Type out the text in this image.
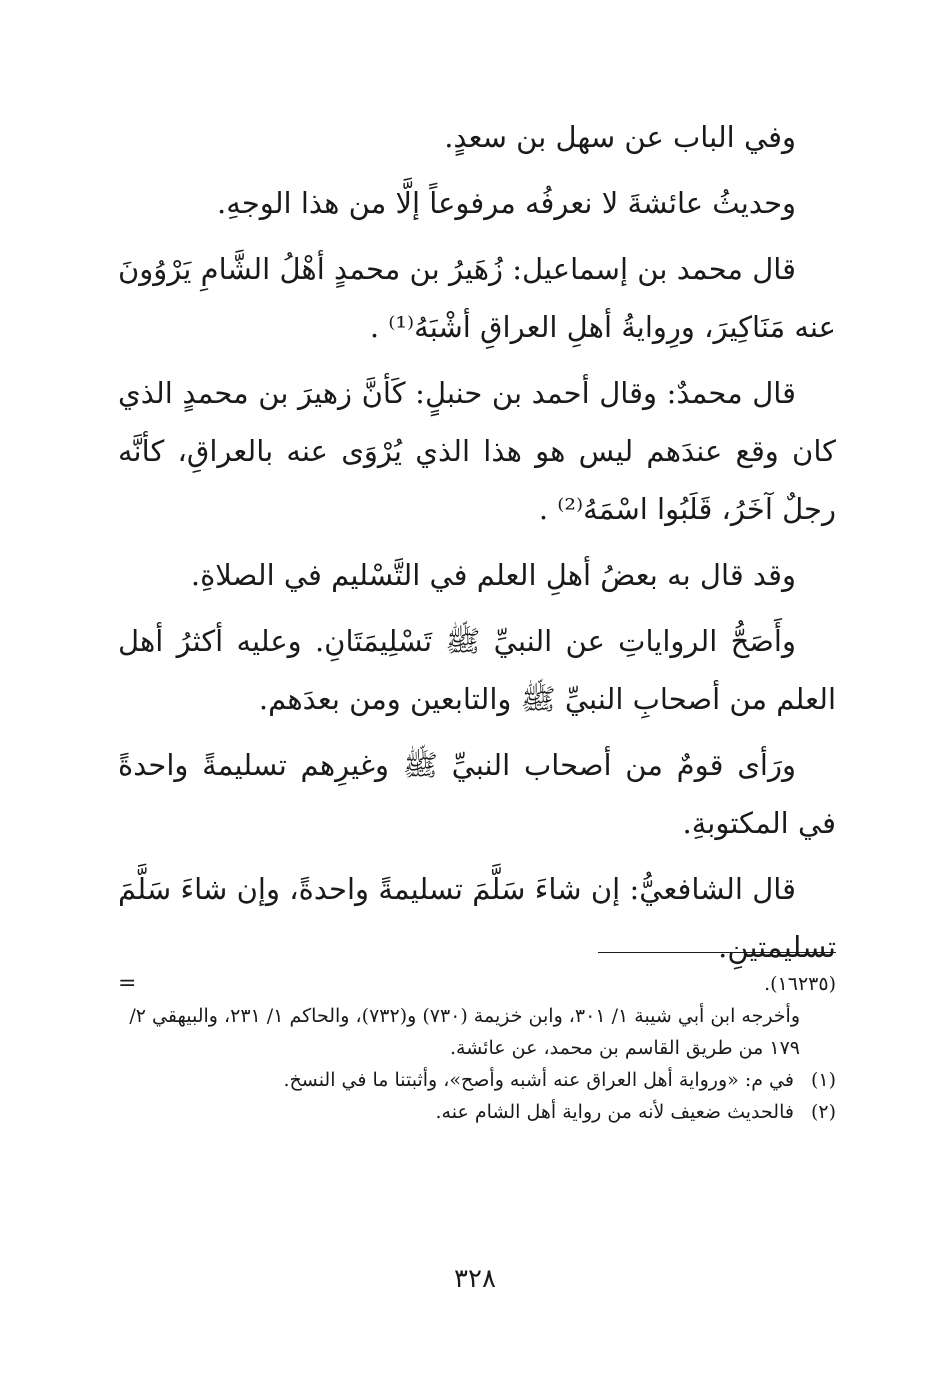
وفي الباب عن سهل بن سعدٍ.

وحديثُ عائشةَ لا نعرفُه مرفوعاً إلَّا من هذا الوجهِ.

قال محمد بن إسماعيل: زُهَيرُ بن محمدٍ أهْلُ الشَّامِ يَرْوُونَ عنه مَنَاكِيرَ، ورِوايةُ أهلِ العراقِ أشْبَهُ⁽¹⁾ .

قال محمدٌ: وقال أحمد بن حنبلٍ: كَأنَّ زهيرَ بن محمدٍ الذي كان وقع عندَهم ليس هو هذا الذي يُرْوَى عنه بالعراقِ، كأنَّه رجلٌ آخَرُ، قَلَبُوا اسْمَهُ⁽²⁾ .

وقد قال به بعضُ أهلِ العلم في التَّسْليم في الصلاةِ.

وأَصَحُّ الرواياتِ عن النبيِّ ﷺ تَسْلِيمَتَانِ. وعليه أكثرُ أهل العلم من أصحابِ النبيِّ ﷺ والتابعين ومن بعدَهم.

ورَأى قومٌ من أصحاب النبيِّ ﷺ وغيرِهم تسليمةً واحدةً في المكتوبةِ.

قال الشافعيُّ: إن شاءَ سَلَّمَ تسليمةً واحدةً، وإن شاءَ سَلَّمَ تسليمتينِ.

(١٦٢٣٥).
=

وأخرجه ابن أبي شيبة ١/ ٣٠١، وابن خزيمة (٧٣٠) و(٧٣٢)، والحاكم ١/ ٢٣١، والبيهقي ٢/ ١٧٩ من طريق القاسم بن محمد، عن عائشة.

(١) في م: «ورواية أهل العراق عنه أشبه وأصح»، وأثبتنا ما في النسخ.

(٢) فالحديث ضعيف لأنه من رواية أهل الشام عنه.

٣٢٨
